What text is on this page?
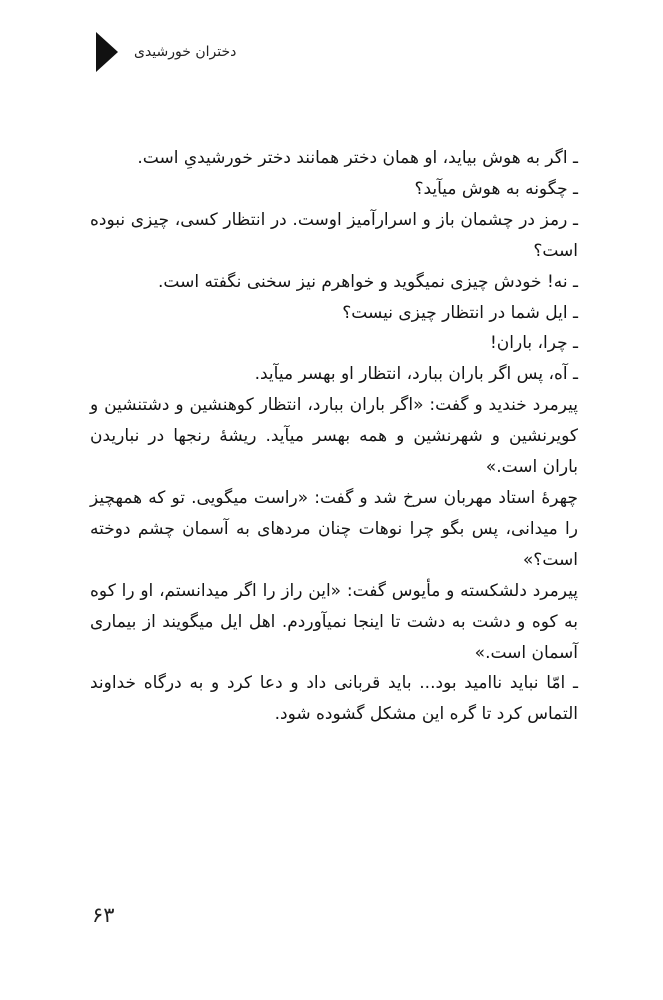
دختران خورشیدی

ـ اگر به هوش بیاید، او همان دختر همانند دختر خورشیدیِ است.

ـ چگونه به هوش میآید؟

ـ رمز در چشمان باز و اسرارآمیز اوست. در انتظار کسی، چیزی نبوده است؟

ـ نه! خودش چیزی نمیگوید و خواهرم نیز سخنی نگفته است.

ـ ایل شما در انتظار چیزی نیست؟

ـ چرا، باران!

ـ آه، پس اگر باران ببارد، انتظار او بهسر میآید.

پیرمرد خندید و گفت: «اگر باران ببارد، انتظار کوهنشین و دشتنشین و کویرنشین و شهرنشین و همه بهسر میآید. ریشهٔ رنجها در نباریدن باران است.»

چهرهٔ استاد مهربان سرخ شد و گفت: «راست میگویی. تو که همهچیز را میدانی، پس بگو چرا نوهات چنان مردهای به آسمان چشم دوخته است؟»

پیرمرد دلشکسته و مأیوس گفت: «این راز را اگر میدانستم، او را کوه به کوه و دشت به دشت تا اینجا نمیآوردم. اهل ایل میگویند از بیماری آسمان است.»

ـ امّا نباید ناامید بود... باید قربانی داد و دعا کرد و به درگاه خداوند التماس کرد تا گره این مشکل گشوده شود.

۶۳
